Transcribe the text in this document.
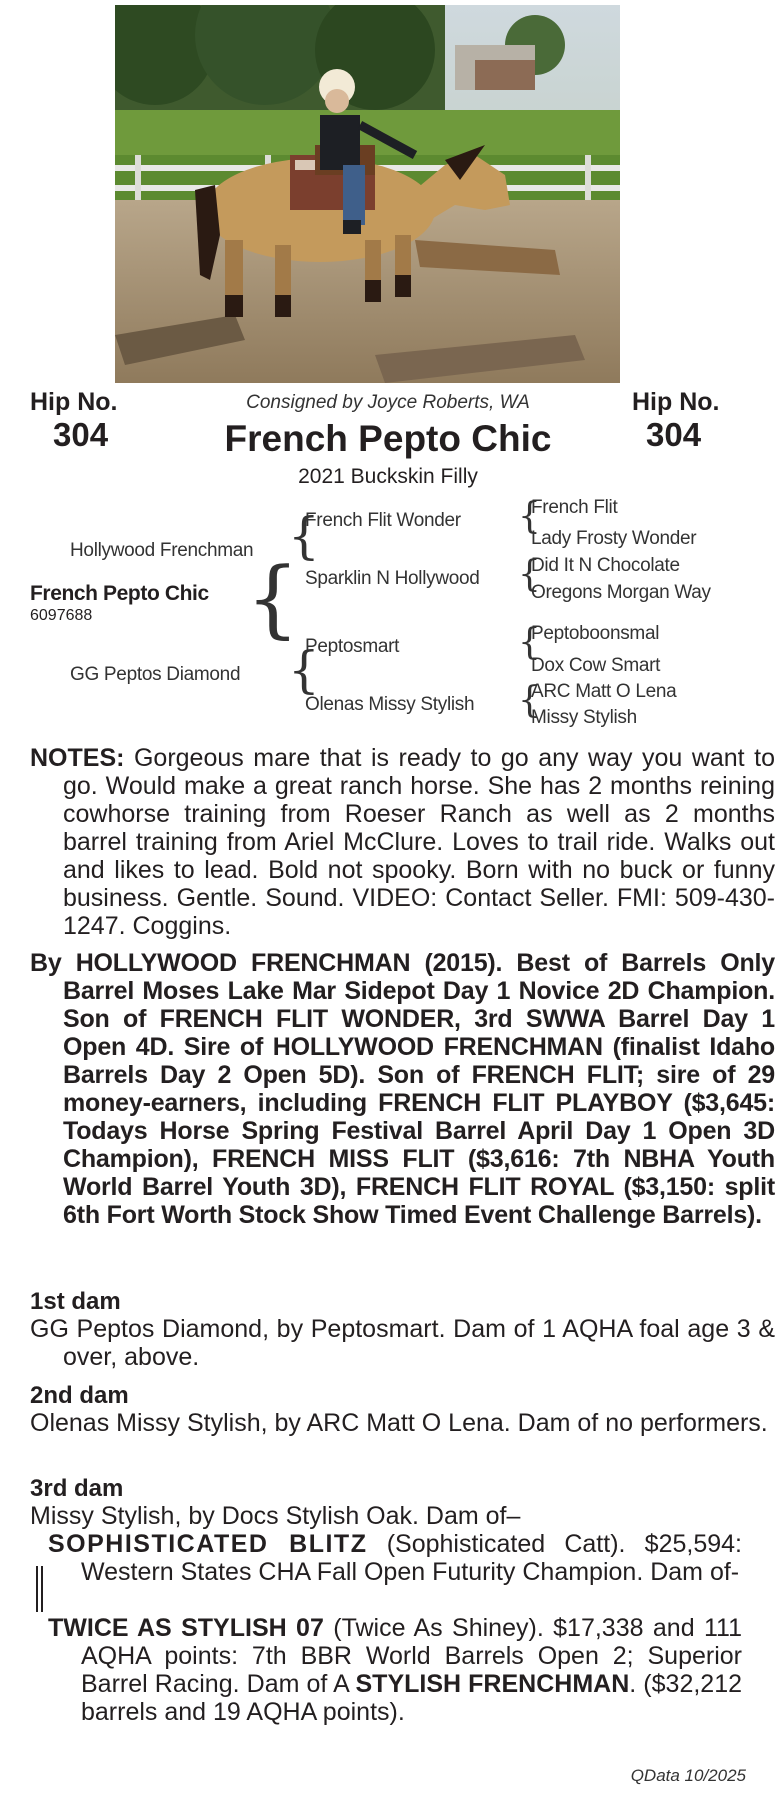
Hip No.
304
Hip No.
304
Consigned by Joyce Roberts, WA
French Pepto Chic
2021 Buckskin Filly
Hollywood Frenchman
GG Peptos Diamond
French Pepto Chic
6097688 {
{
{
French Flit Wonder
Sparklin N Hollywood
Peptosmart
Olenas Missy Stylish
{
{
{
{
French Flit
Lady Frosty Wonder
Did It N Chocolate
Oregons Morgan Way
Peptoboonsmal
Dox Cow Smart
ARC Matt O Lena
Missy Stylish
NOTES: Gorgeous mare that is ready to go any way you want to go. Would make a great ranch horse. She has 2 months reining cowhorse training from Roeser Ranch as well as 2 months barrel training from Ariel McClure. Loves to trail ride. Walks out and likes to lead. Bold not spooky. Born with no buck or funny business. Gentle. Sound. VIDEO: Contact Seller. FMI: 509-430-1247. Coggins.
By HOLLYWOOD FRENCHMAN (2015). Best of Barrels Only Barrel Moses Lake Mar Sidepot Day 1 Novice 2D Champion. Son of FRENCH FLIT WONDER, 3rd SWWA Barrel Day 1 Open 4D. Sire of HOLLYWOOD FRENCHMAN (finalist Idaho Barrels Day 2 Open 5D). Son of FRENCH FLIT; sire of 29 money-earners, including FRENCH FLIT PLAYBOY ($3,645: Todays Horse Spring Festival Barrel April Day 1 Open 3D Champion), FRENCH MISS FLIT ($3,616: 7th NBHA Youth World Barrel Youth 3D), FRENCH FLIT ROYAL ($3,150: split 6th Fort Worth Stock Show Timed Event Challenge Barrels).
1st dam
GG Peptos Diamond, by Peptosmart. Dam of 1 AQHA foal age 3 & over, above.
2nd dam
Olenas Missy Stylish, by ARC Matt O Lena. Dam of no performers.
3rd dam
Missy Stylish, by Docs Stylish Oak. Dam of–
SOPHISTICATED BLITZ (Sophisticated Catt). $25,594: Western States CHA Fall Open Futurity Champion. Dam of-
TWICE AS STYLISH 07 (Twice As Shiney). $17,338 and 111 AQHA points: 7th BBR World Barrels Open 2; Superior Barrel Racing. Dam of A STYLISH FRENCHMAN. ($32,212 barrels and 19 AQHA points).
QData 10/2025
